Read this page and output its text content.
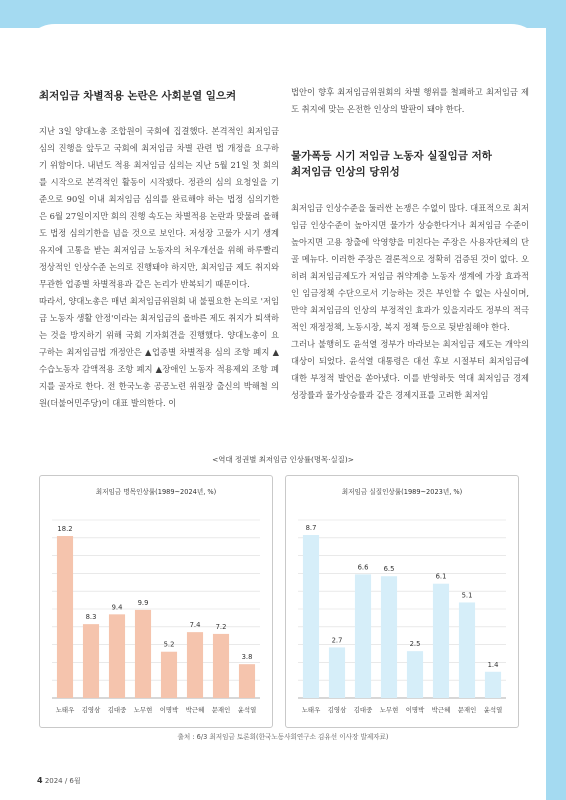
최저임금 차별적용 논란은 사회분열 일으켜

지난 3일 양대노총 조합원이 국회에 집결했다. 본격적인 최저임금 심의 진행을 앞두고 국회에 최저임금 차별 관련 법 개정을 요구하기 위함이다. 내년도 적용 최저임금 심의는 지난 5월 21일 첫 회의를 시작으로 본격적인 활동이 시작됐다. 정관의 심의 요청일을 기준으로 90일 이내 최저임금 심의를 완료해야 하는 법정 심의기한은 6월 27일이지만 회의 진행 속도는 차별적용 논란과 맞물려 올해도 법정 심의기한을 넘을 것으로 보인다. 저성장 고물가 시기 생계유지에 고통을 받는 최저임금 노동자의 처우개선을 위해 하루빨리 정상적인 인상수준 논의로 진행돼야 하지만, 최저임금 제도 취지와 무관한 업종별 차별적용과 같은 논리가 반복되기 때문이다.

따라서, 양대노총은 매년 최저임금위원회 내 불필요한 논의로 '저임금 노동자 생활 안정'이라는 최저임금의 올바른 제도 취지가 퇴색하는 것을 방지하기 위해 국회 기자회견을 진행했다. 양대노총이 요구하는 최저임금법 개정안은 ▲업종별 차별적용 심의 조항 폐지 ▲수습노동자 감액적용 조항 폐지 ▲장애인 노동자 적용제외 조항 폐지를 골자로 한다. 전 한국노총 공공노련 위원장 출신의 박해철 의원(더불어민주당)이 대표 발의한다. 이

법안이 향후 최저임금위원회의 차별 행위를 철폐하고 최저임금 제도 취지에 맞는 온전한 인상의 발판이 돼야 한다.

물가폭등 시기 저임금 노동자 실질임금 저하
최저임금 인상의 당위성

최저임금 인상수준을 둘러싼 논쟁은 수없이 많다. 대표적으로 최저임금 인상수준이 높아지면 물가가 상승한다거나 최저임금 수준이 높아지면 고용 창출에 악영향을 미친다는 주장은 사용자단체의 단골 메뉴다. 이러한 주장은 결론적으로 정확히 검증된 것이 없다. 오히려 최저임금제도가 저임금 취약계층 노동자 생계에 가장 효과적인 임금정책 수단으로서 기능하는 것은 부인할 수 없는 사실이며, 만약 최저임금의 인상의 부정적인 효과가 있을지라도 정부의 적극적인 재정정책, 노동시장, 복지 정책 등으로 뒷받침해야 한다.

그러나 불행히도 윤석열 정부가 바라보는 최저임금 제도는 개악의 대상이 되었다. 윤석열 대통령은 대선 후보 시절부터 최저임금에 대한 부정적 발언을 쏟아냈다. 이를 반영하듯 역대 최저임금 경제성장률과 물가상승률과 같은 경제지표를 고려한 최저임

<역대 정권별 최저임금 인상률(명목·실질)>
최저임금 명목인상률(1989~2024년, %)
18.2
노태우
8.3
김영삼
9.4
김대중
9.9
노무현
5.2
이명박
7.4
박근혜
7.2
문재인
3.8
윤석열
최저임금 실질인상률(1989~2023년, %)
8.7
노태우
2.7
김영삼
6.6
김대중
6.5
노무현
2.5
이명박
6.1
박근혜
5.1
문재인
1.4
윤석열
출처 : 6/3 최저임금 토론회(한국노동사회연구소 김유선 이사장 발제자료)
4 2024 / 6월
